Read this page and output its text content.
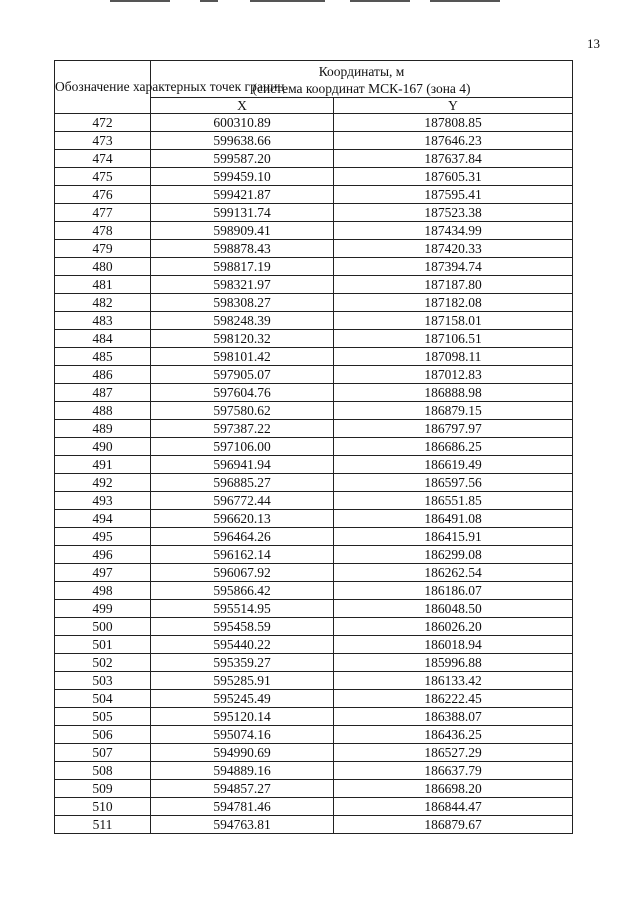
13
Обозначение характерных точек границ	Координаты, м
(система координат МСК-167 (зона 4)	

	X	Y
472	600310.89	187808.85
473	599638.66	187646.23
474	599587.20	187637.84
475	599459.10	187605.31
476	599421.87	187595.41
477	599131.74	187523.38
478	598909.41	187434.99
479	598878.43	187420.33
480	598817.19	187394.74
481	598321.97	187187.80
482	598308.27	187182.08
483	598248.39	187158.01
484	598120.32	187106.51
485	598101.42	187098.11
486	597905.07	187012.83
487	597604.76	186888.98
488	597580.62	186879.15
489	597387.22	186797.97
490	597106.00	186686.25
491	596941.94	186619.49
492	596885.27	186597.56
493	596772.44	186551.85
494	596620.13	186491.08
495	596464.26	186415.91
496	596162.14	186299.08
497	596067.92	186262.54
498	595866.42	186186.07
499	595514.95	186048.50
500	595458.59	186026.20
501	595440.22	186018.94
502	595359.27	185996.88
503	595285.91	186133.42
504	595245.49	186222.45
505	595120.14	186388.07
506	595074.16	186436.25
507	594990.69	186527.29
508	594889.16	186637.79
509	594857.27	186698.20
510	594781.46	186844.47
511	594763.81	186879.67
